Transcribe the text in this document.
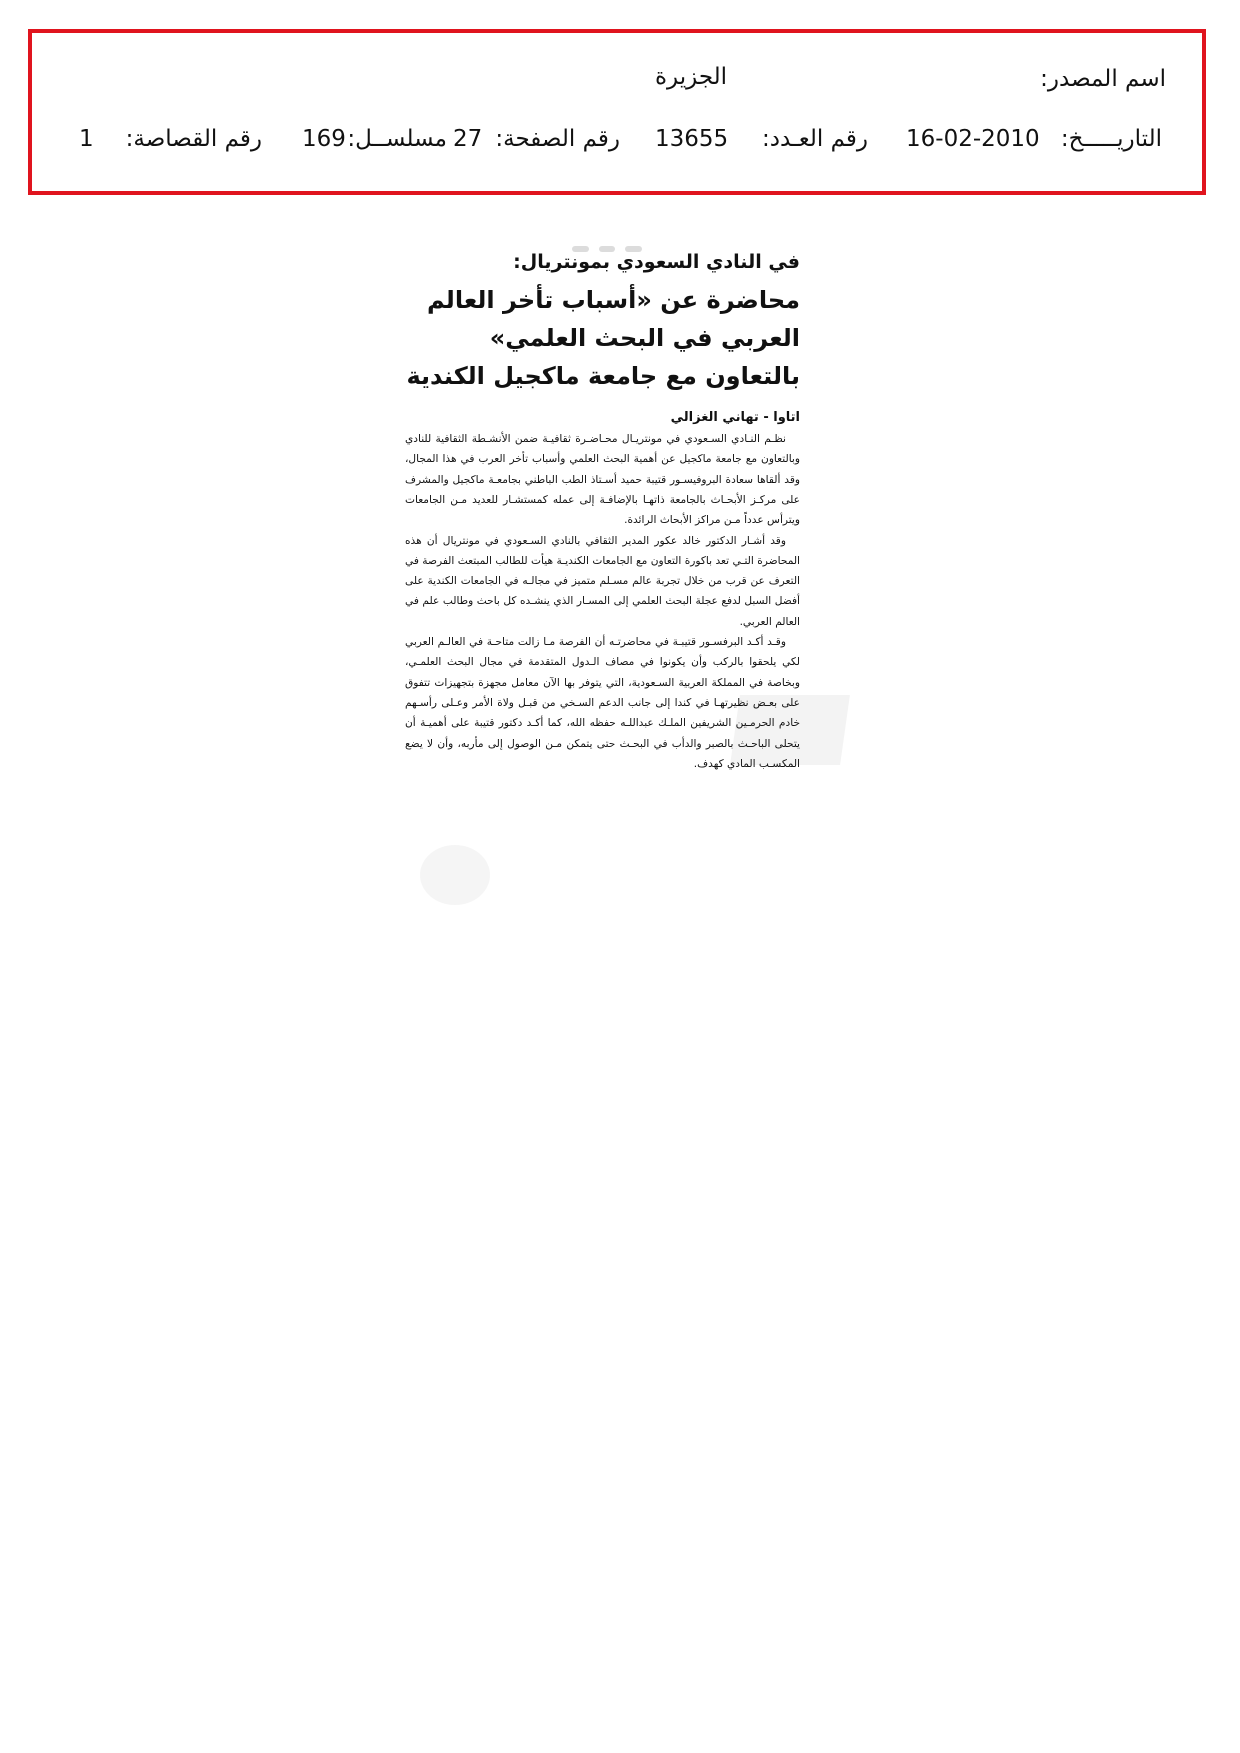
اسم المصدر:
الجزيرة
التاريـــــخ:
16-02-2010
رقم العـدد:
13655
رقم الصفحة:
27
مسلســل:
169
رقم القصاصة:
1
في النادي السعودي بمونتريال:
محاضرة عن «أسباب تأخر العالم العربي في البحث العلمي» بالتعاون مع جامعة ماكجيل الكندية
اتاوا - تهاني الغزالي

نظـم النـادي السـعودي في مونتريـال محـاضـرة ثقافيـة ضمن الأنشـطة الثقافية للنادي وبالتعاون مع جامعة ماكجيل عن أهمية البحث العلمي وأسباب تأخر العرب في هذا المجال، وقد ألقاها سعادة البروفيسـور قتيبة حميد أسـتاذ الطب الباطني بجامعـة ماكجيل والمشرف على مركـز الأبحـاث بالجامعة ذاتهـا بالإضافـة إلى عمله كمستشـار للعديد مـن الجامعات ويترأس عدداً مـن مراكز الأبحاث الرائدة.

وقد أشـار الدكتور خالد عكور المدير الثقافي بالنادي السـعودي في مونتريال أن هذه المحاضرة التـي تعد باكورة التعاون مع الجامعات الكنديـة هيأت للطالب المبتعث الفرصة في التعرف عن قرب من خلال تجربة عالم مسـلم متميز في مجالـه في الجامعات الكندية على أفضل السبل لدفع عجلة البحث العلمي إلى المسـار الذي ينشـده كل باحث وطالب علم في العالم العربي.

وقـد أكـد البرفسـور قتيبـة في محاضرتـه أن الفرصة مـا زالت متاحـة في العالـم العربي لكي يلحقوا بالركب وأن يكونوا في مصاف الـدول المتقدمة في مجال البحث العلمـي، وبخاصة في المملكة العربية السـعودية، التي يتوفر بها الآن معامل مجهزة بتجهيزات تتفوق على بعـض نظيرتهـا في كندا إلى جانب الدعم السـخي من قبـل ولاة الأمر وعـلى رأسـهم خادم الحرمـين الشريفين الملـك عبداللـه حفظه الله، كما أكـد دكتور قتيبة على أهميـة أن يتحلى الباحـث بالصبر والدأب في البحـث حتى يتمكن مـن الوصول إلى مأربه، وأن لا يضع المكسـب المادي كهدف.
